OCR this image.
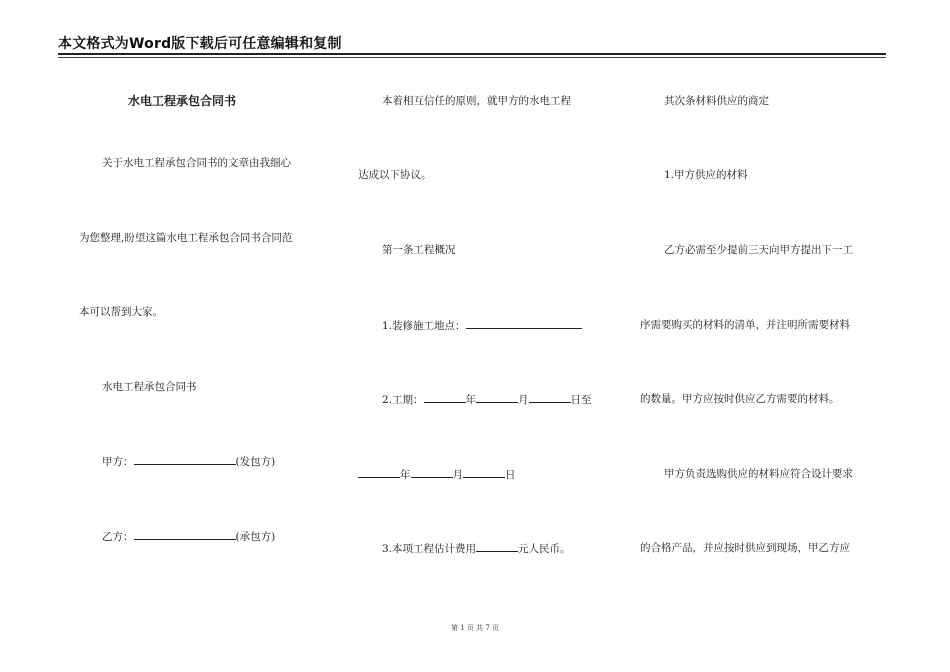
本文格式为Word版下载后可任意编辑和复制
水电工程承包合同书
关于水电工程承包合同书的文章由我细心
为您整理,盼望这篇水电工程承包合同书合同范
本可以帮到大家。
水电工程承包合同书
甲方：	(发包方)
乙方：	(承包方)
本着相互信任的原则，就甲方的水电工程
达成以下协议。
第一条工程概况
1.装修施工地点：
2.工期：	年	月	日至
年	月	日
3.本项工程估计费用	元人民币。
其次条材料供应的商定
1.甲方供应的材料
乙方必需至少提前三天向甲方提出下一工
序需要购买的材料的清单，并注明所需要材料
的数量。甲方应按时供应乙方需要的材料。
甲方负责选购供应的材料应符合设计要求
的合格产品，并应按时供应到现场，甲乙方应
第 1 页 共 7 页
